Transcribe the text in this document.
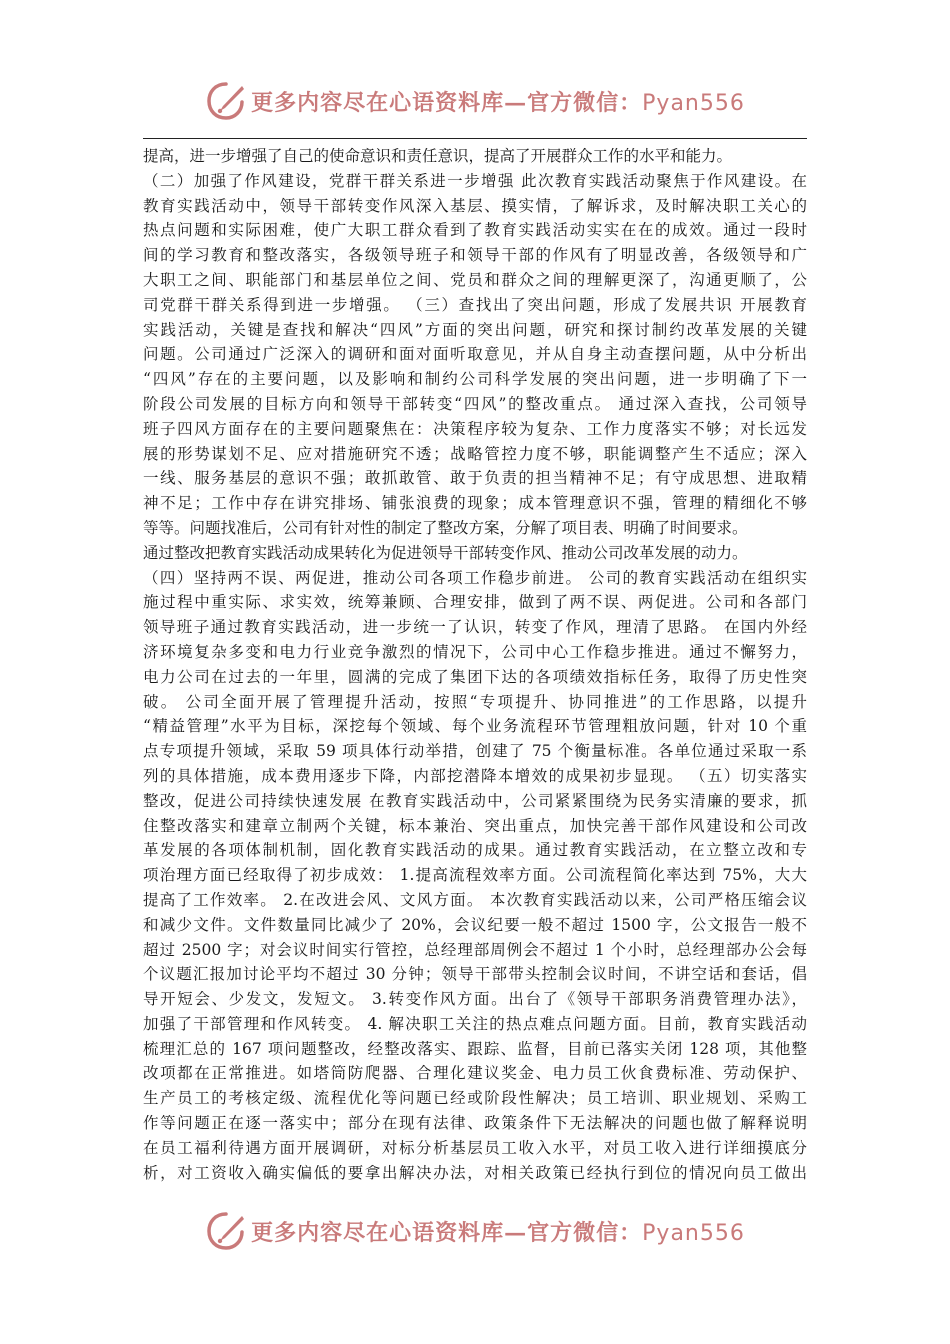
更多内容尽在心语资料库—官方微信：Pyan556
提高，进一步增强了自己的使命意识和责任意识，提高了开展群众工作的水平和能力。
（二）加强了作风建设，党群干群关系进一步增强 此次教育实践活动聚焦于作风建设。在
教育实践活动中，领导干部转变作风深入基层、摸实情，了解诉求，及时解决职工关心的
热点问题和实际困难，使广大职工群众看到了教育实践活动实实在在的成效。通过一段时
间的学习教育和整改落实，各级领导班子和领导干部的作风有了明显改善，各级领导和广
大职工之间、职能部门和基层单位之间、党员和群众之间的理解更深了，沟通更顺了，公
司党群干群关系得到进一步增强。 （三）查找出了突出问题，形成了发展共识 开展教育
实践活动，关键是查找和解决“四风”方面的突出问题，研究和探讨制约改革发展的关键
问题。公司通过广泛深入的调研和面对面听取意见，并从自身主动查摆问题，从中分析出
“四风”存在的主要问题，以及影响和制约公司科学发展的突出问题，进一步明确了下一
阶段公司发展的目标方向和领导干部转变“四风”的整改重点。 通过深入查找，公司领导
班子四风方面存在的主要问题聚焦在：决策程序较为复杂、工作力度落实不够；对长远发
展的形势谋划不足、应对措施研究不透；战略管控力度不够，职能调整产生不适应；深入
一线、服务基层的意识不强；敢抓敢管、敢于负责的担当精神不足；有守成思想、进取精
神不足；工作中存在讲究排场、铺张浪费的现象；成本管理意识不强，管理的精细化不够
等等。问题找准后，公司有针对性的制定了整改方案，分解了项目表、明确了时间要求。
通过整改把教育实践活动成果转化为促进领导干部转变作风、推动公司改革发展的动力。
（四）坚持两不误、两促进，推动公司各项工作稳步前进。 公司的教育实践活动在组织实
施过程中重实际、求实效，统筹兼顾、合理安排，做到了两不误、两促进。公司和各部门
领导班子通过教育实践活动，进一步统一了认识，转变了作风，理清了思路。 在国内外经
济环境复杂多变和电力行业竞争激烈的情况下，公司中心工作稳步推进。通过不懈努力，
电力公司在过去的一年里，圆满的完成了集团下达的各项绩效指标任务，取得了历史性突
破。 公司全面开展了管理提升活动，按照“专项提升、协同推进”的工作思路，以提升
“精益管理”水平为目标，深挖每个领域、每个业务流程环节管理粗放问题，针对 10 个重
点专项提升领域，采取 59 项具体行动举措，创建了 75 个衡量标准。各单位通过采取一系
列的具体措施，成本费用逐步下降，内部挖潜降本增效的成果初步显现。 （五）切实落实
整改，促进公司持续快速发展 在教育实践活动中，公司紧紧围绕为民务实清廉的要求，抓
住整改落实和建章立制两个关键，标本兼治、突出重点，加快完善干部作风建设和公司改
革发展的各项体制机制，固化教育实践活动的成果。通过教育实践活动，在立整立改和专
项治理方面已经取得了初步成效： 1.提高流程效率方面。公司流程简化率达到 75%，大大
提高了工作效率。 2.在改进会风、文风方面。 本次教育实践活动以来，公司严格压缩会议
和减少文件。文件数量同比减少了 20%，会议纪要一般不超过 1500 字，公文报告一般不
超过 2500 字；对会议时间实行管控，总经理部周例会不超过 1 个小时，总经理部办公会每
个议题汇报加讨论平均不超过 30 分钟；领导干部带头控制会议时间，不讲空话和套话，倡
导开短会、少发文，发短文。 3.转变作风方面。出台了《领导干部职务消费管理办法》，
加强了干部管理和作风转变。 4. 解决职工关注的热点难点问题方面。目前，教育实践活动
梳理汇总的 167 项问题整改，经整改落实、跟踪、监督，目前已落实关闭 128 项，其他整
改项都在正常推进。如塔筒防爬器、合理化建议奖金、电力员工伙食费标准、劳动保护、
生产员工的考核定级、流程优化等问题已经或阶段性解决；员工培训、职业规划、采购工
作等问题正在逐一落实中；部分在现有法律、政策条件下无法解决的问题也做了解释说明
在员工福利待遇方面开展调研，对标分析基层员工收入水平，对员工收入进行详细摸底分
析，对工资收入确实偏低的要拿出解决办法，对相关政策已经执行到位的情况向员工做出
更多内容尽在心语资料库—官方微信：Pyan556
